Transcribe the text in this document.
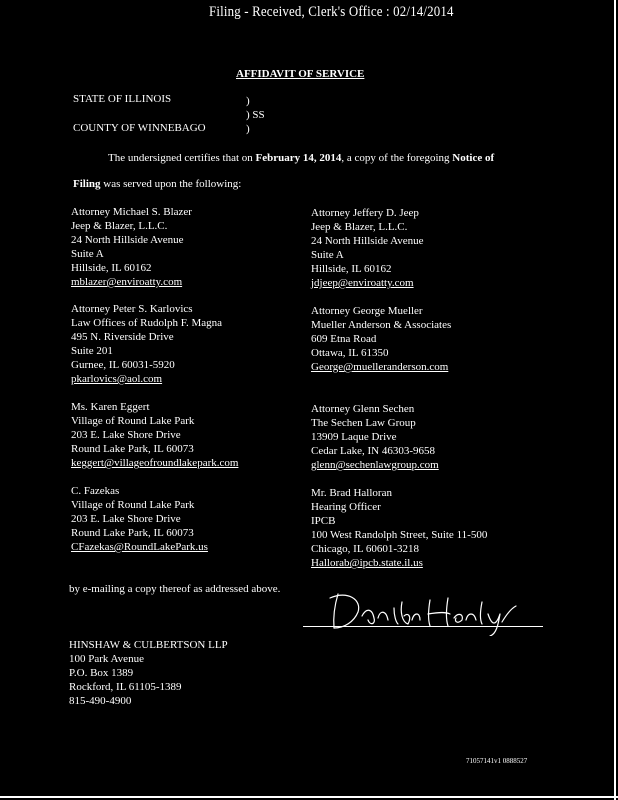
Filing - Received, Clerk's Office : 02/14/2014
AFFIDAVIT OF SERVICE
STATE OF ILLINOIS
COUNTY OF WINNEBAGO
)
) SS
)
The undersigned certifies that on February 14, 2014, a copy of the foregoing Notice of
Filing was served upon the following:
Attorney Michael S. Blazer
Jeep & Blazer, L.L.C.
24 North Hillside Avenue
Suite A
Hillside, IL 60162
mblazer@enviroatty.com
Attorney Peter S. Karlovics
Law Offices of Rudolph F. Magna
495 N. Riverside Drive
Suite 201
Gurnee, IL 60031-5920
pkarlovics@aol.com
Ms. Karen Eggert
Village of Round Lake Park
203 E. Lake Shore Drive
Round Lake Park, IL 60073
keggert@villageofroundlakepark.com
C. Fazekas
Village of Round Lake Park
203 E. Lake Shore Drive
Round Lake Park, IL 60073
CFazekas@RoundLakePark.us
Attorney Jeffery D. Jeep
Jeep & Blazer, L.L.C.
24 North Hillside Avenue
Suite A
Hillside, IL 60162
jdjeep@enviroatty.com
Attorney George Mueller
Mueller Anderson & Associates
609 Etna Road
Ottawa, IL 61350
George@muelleranderson.com
Attorney Glenn Sechen
The Sechen Law Group
13909 Laque Drive
Cedar Lake, IN 46303-9658
glenn@sechenlawgroup.com
Mr. Brad Halloran
Hearing Officer
IPCB
100 West Randolph Street, Suite 11-500
Chicago, IL 60601-3218
Hallorab@ipcb.state.il.us
by e-mailing a copy thereof as addressed above.
HINSHAW & CULBERTSON LLP
100 Park Avenue
P.O. Box 1389
Rockford, IL 61105-1389
815-490-4900
71057141v1 0888527
